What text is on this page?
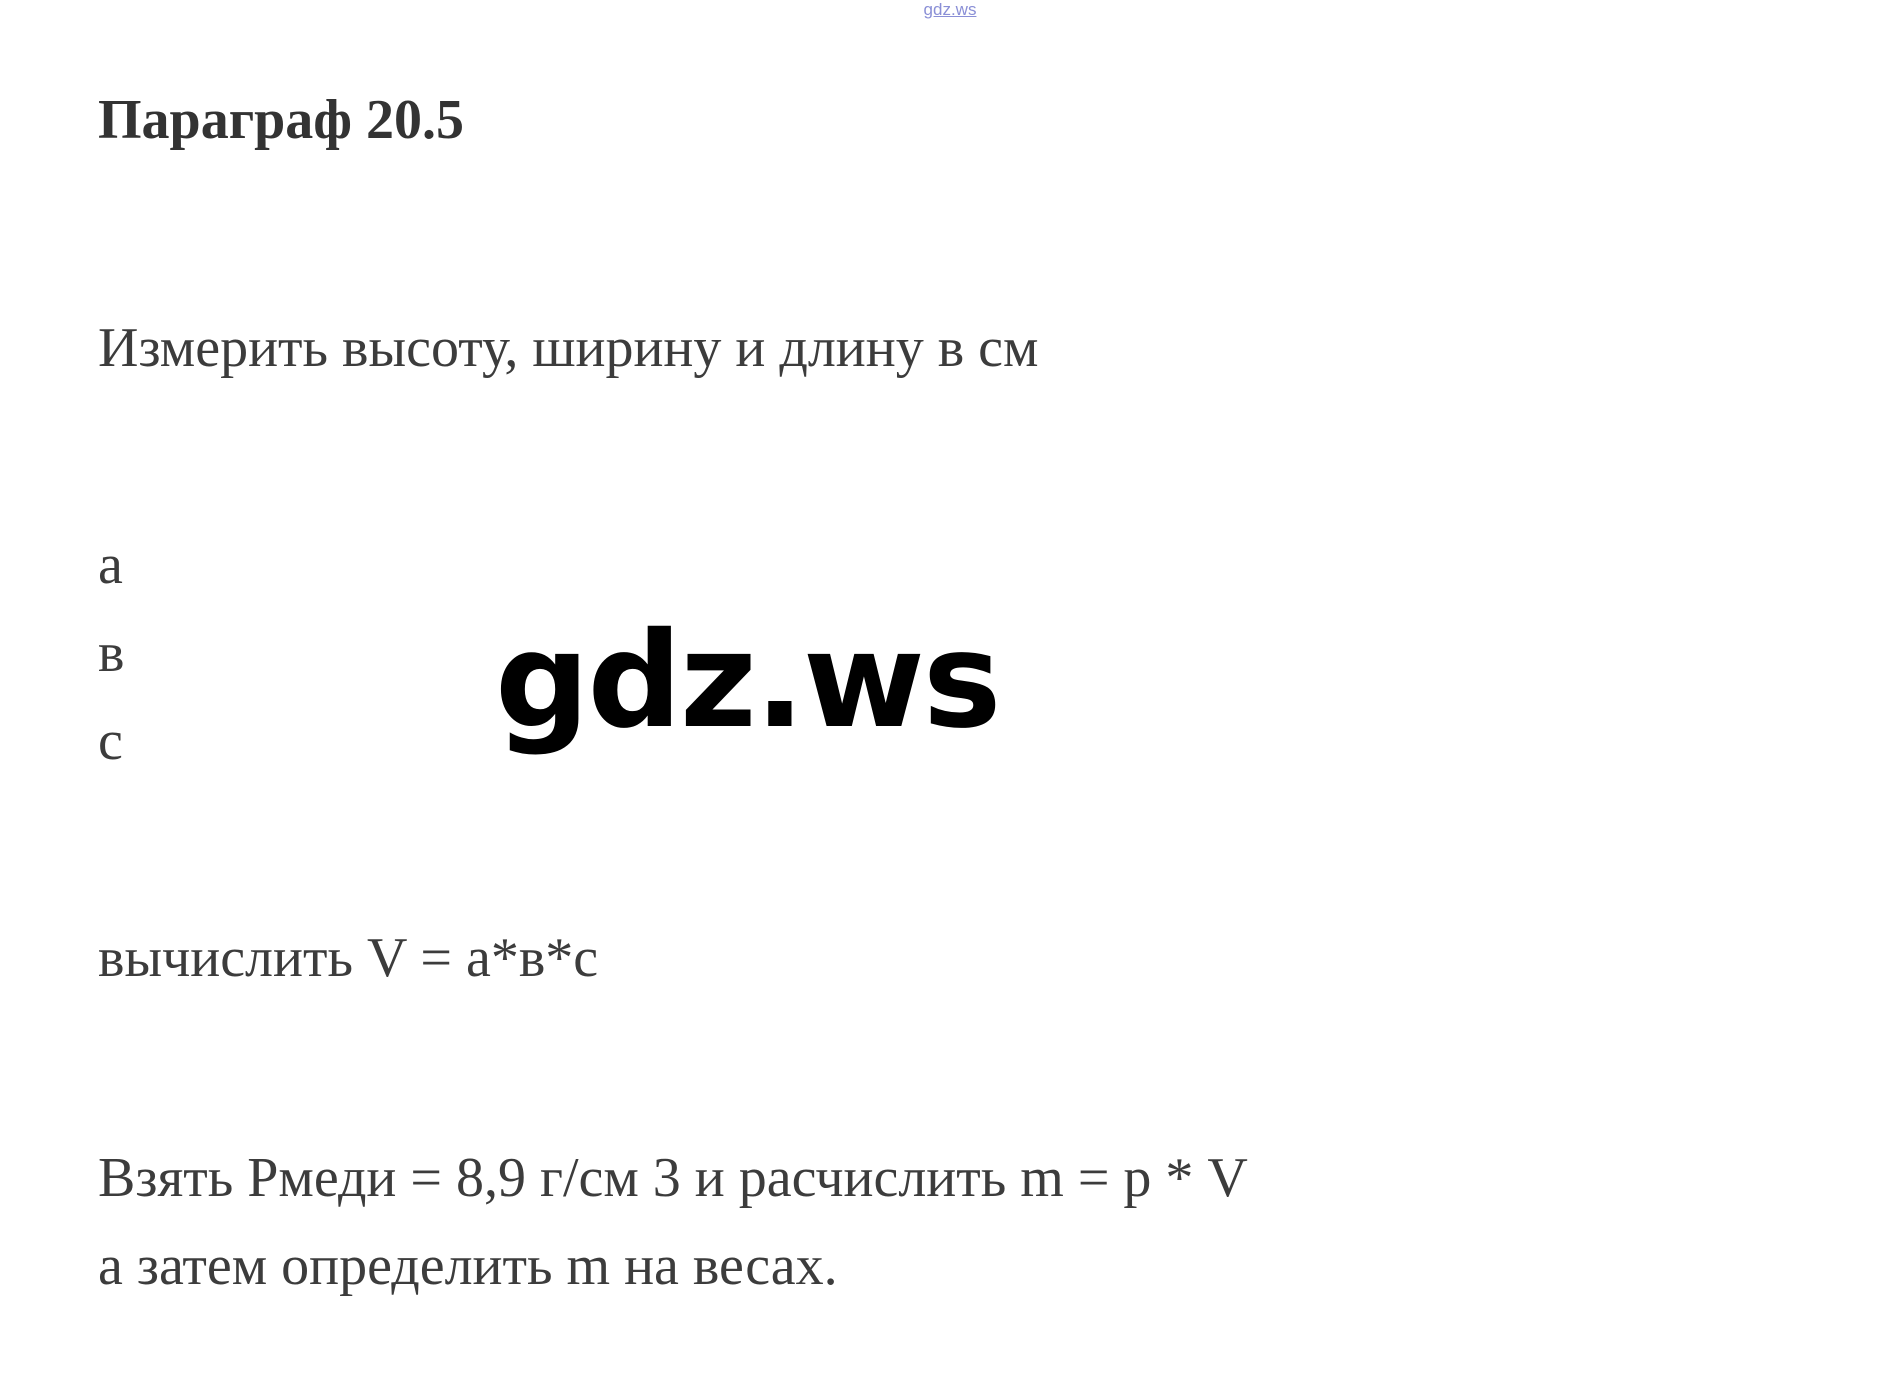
gdz.ws
Параграф 20.5

Измерить высоту, ширину и длину в см

а

в

с	gdz.ws

вычислить V = а*в*с

Взять Рмеди = 8,9 г/см 3 и расчислить m = р * V

а затем определить m на весах.
